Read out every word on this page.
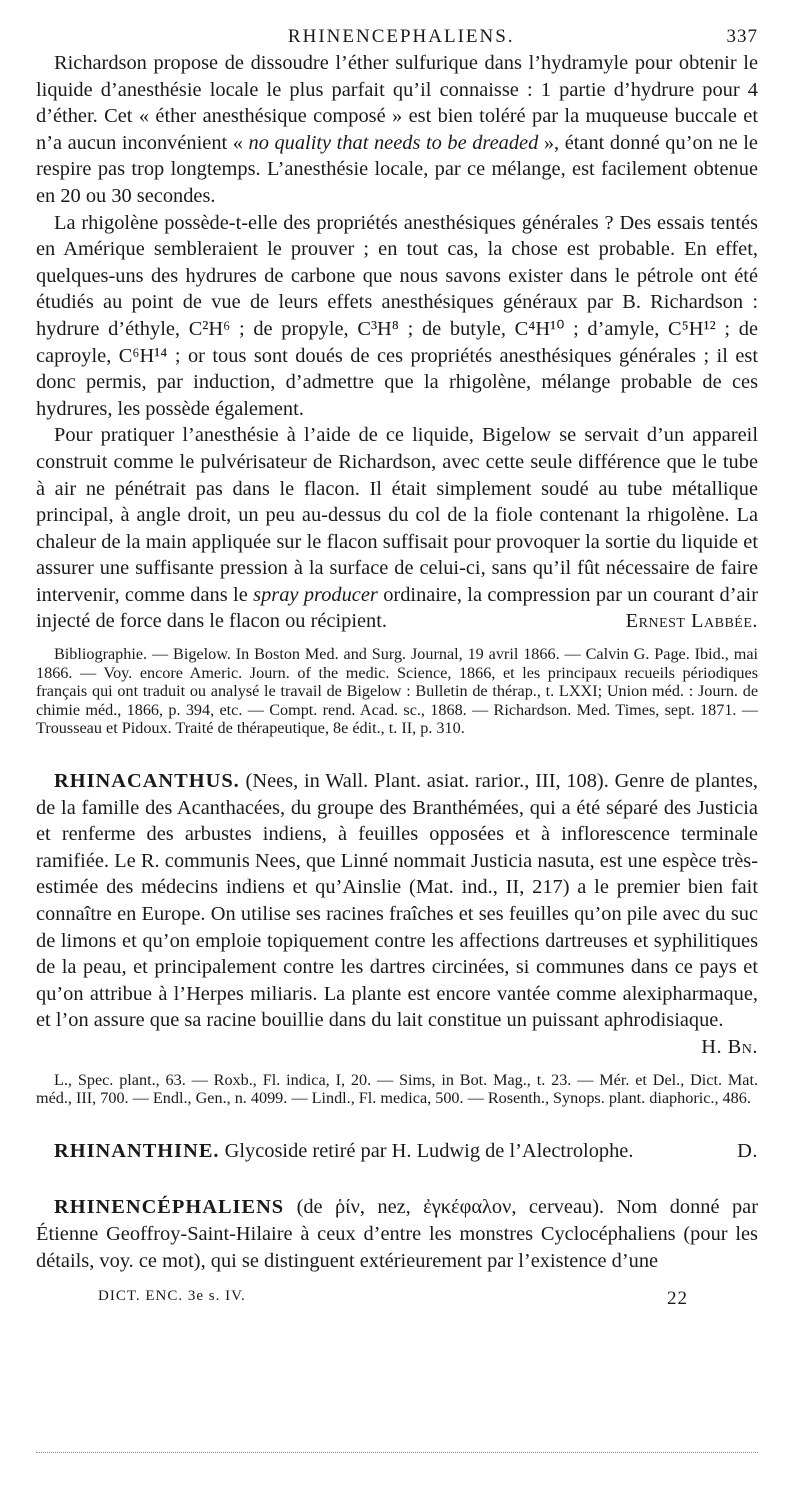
RHINENCEPHALIENS.	337

Richardson propose de dissoudre l’éther sulfurique dans l’hydramyle pour obtenir le liquide d’anesthésie locale le plus parfait qu’il connaisse : 1 partie d’hydrure pour 4 d’éther. Cet « éther anesthésique composé » est bien toléré par la muqueuse buccale et n’a aucun inconvénient « no quality that needs to be dreaded », étant donné qu’on ne le respire pas trop longtemps. L’anesthésie locale, par ce mélange, est facilement obtenue en 20 ou 30 secondes.

La rhigolène possède-t-elle des propriétés anesthésiques générales ? Des essais tentés en Amérique sembleraient le prouver ; en tout cas, la chose est probable. En effet, quelques-uns des hydrures de carbone que nous savons exister dans le pétrole ont été étudiés au point de vue de leurs effets anesthésiques généraux par B. Richardson : hydrure d’éthyle, C²H⁶ ; de propyle, C³H⁸ ; de butyle, C⁴H¹⁰ ; d’amyle, C⁵H¹² ; de caproyle, C⁶H¹⁴ ; or tous sont doués de ces propriétés anesthésiques générales ; il est donc permis, par induction, d’admettre que la rhigolène, mélange probable de ces hydrures, les possède également.

Pour pratiquer l’anesthésie à l’aide de ce liquide, Bigelow se servait d’un appareil construit comme le pulvérisateur de Richardson, avec cette seule différence que le tube à air ne pénétrait pas dans le flacon. Il était simplement soudé au tube métallique principal, à angle droit, un peu au-dessus du col de la fiole contenant la rhigolène. La chaleur de la main appliquée sur le flacon suffisait pour provoquer la sortie du liquide et assurer une suffisante pression à la surface de celui-ci, sans qu’il fût nécessaire de faire intervenir, comme dans le spray producer ordinaire, la compression par un courant d’air injecté de force dans le flacon ou récipient.	Ernest Labbée.

Bibliographie. — Bigelow. In Boston Med. and Surg. Journal, 19 avril 1866. — Calvin G. Page. Ibid., mai 1866. — Voy. encore Americ. Journ. of the medic. Science, 1866, et les principaux recueils périodiques français qui ont traduit ou analysé le travail de Bigelow : Bulletin de thérap., t. LXXI; Union méd. : Journ. de chimie méd., 1866, p. 394, etc. — Compt. rend. Acad. sc., 1868. — Richardson. Med. Times, sept. 1871. — Trousseau et Pidoux. Traité de thérapeutique, 8e édit., t. II, p. 310.

RHINACANTHUS. (Nees, in Wall. Plant. asiat. rarior., III, 108). Genre de plantes, de la famille des Acanthacées, du groupe des Branthémées, qui a été séparé des Justicia et renferme des arbustes indiens, à feuilles opposées et à inflorescence terminale ramifiée. Le R. communis Nees, que Linné nommait Justicia nasuta, est une espèce très-estimée des médecins indiens et qu’Ainslie (Mat. ind., II, 217) a le premier bien fait connaître en Europe. On utilise ses racines fraîches et ses feuilles qu’on pile avec du suc de limons et qu’on emploie topiquement contre les affections dartreuses et syphilitiques de la peau, et principalement contre les dartres circinées, si communes dans ce pays et qu’on attribue à l’Herpes miliaris. La plante est encore vantée comme alexipharmaque, et l’on assure que sa racine bouillie dans du lait constitue un puissant aphrodisiaque.
H. Bn.

L., Spec. plant., 63. — Roxb., Fl. indica, I, 20. — Sims, in Bot. Mag., t. 23. — Mér. et Del., Dict. Mat. méd., III, 700. — Endl., Gen., n. 4099. — Lindl., Fl. medica, 500. — Rosenth., Synops. plant. diaphoric., 486.

RHINANTHINE. Glycoside retiré par H. Ludwig de l’Alectrolophe.	D.

RHINENCÉPHALIENS (de ῥίν, nez, ἐγκέφαλον, cerveau). Nom donné par Étienne Geoffroy-Saint-Hilaire à ceux d’entre les monstres Cyclocéphaliens (pour les détails, voy. ce mot), qui se distinguent extérieurement par l’existence d’une

DICT. ENC. 3e s. IV.	22
